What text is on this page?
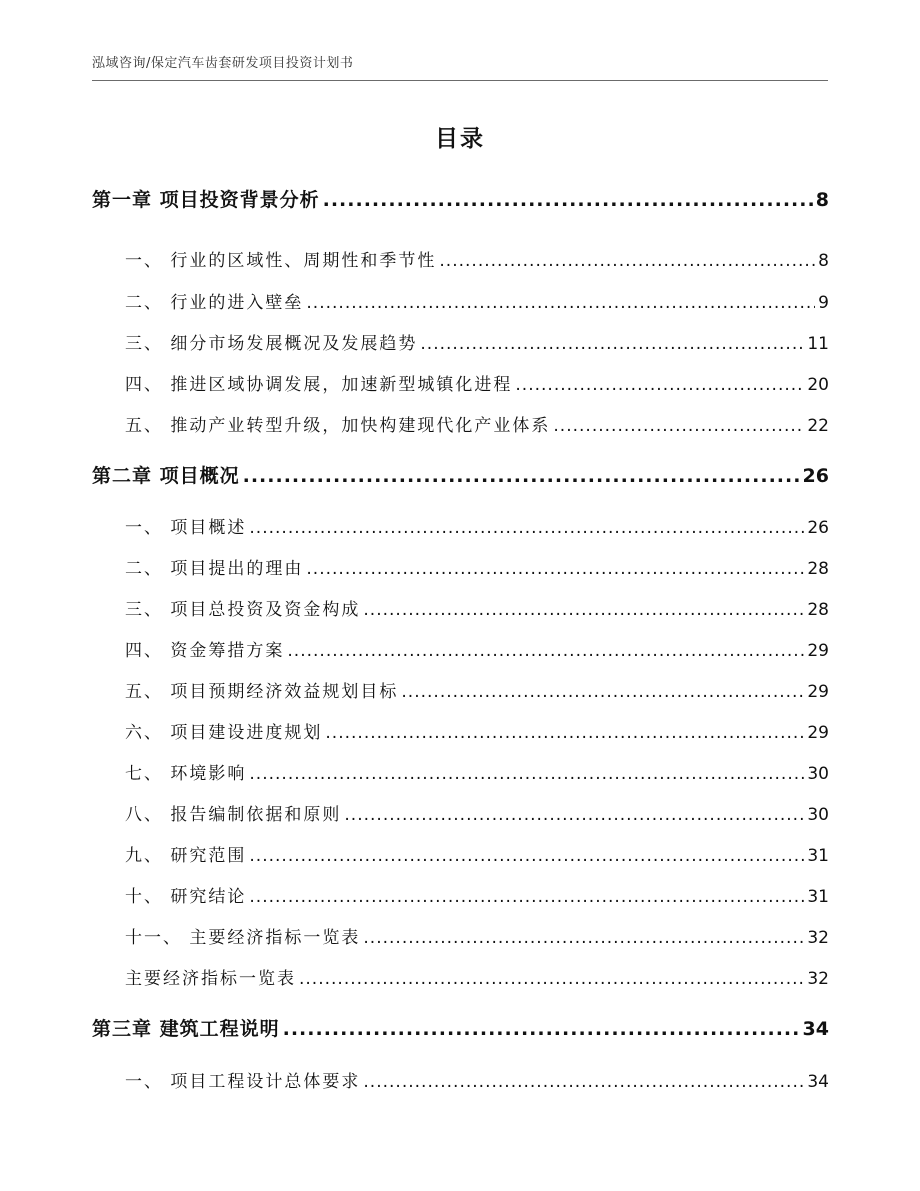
泓域咨询/保定汽车齿套研发项目投资计划书
目录
第一章 项目投资背景分析 .....	8
一、 行业的区域性、周期性和季节性 .....	8
二、 行业的进入壁垒 .....	9
三、 细分市场发展概况及发展趋势 .....	11
四、 推进区域协调发展，加速新型城镇化进程 .....	20
五、 推动产业转型升级，加快构建现代化产业体系 .....	22
第二章 项目概况 .....	26
一、 项目概述 .....	26
二、 项目提出的理由 .....	28
三、 项目总投资及资金构成 .....	28
四、 资金筹措方案 .....	29
五、 项目预期经济效益规划目标 .....	29
六、 项目建设进度规划 .....	29
七、 环境影响 .....	30
八、 报告编制依据和原则 .....	30
九、 研究范围 .....	31
十、 研究结论 .....	31
十一、 主要经济指标一览表 .....	32
主要经济指标一览表 .....	32
第三章 建筑工程说明 .....	34
一、 项目工程设计总体要求 .....	34
